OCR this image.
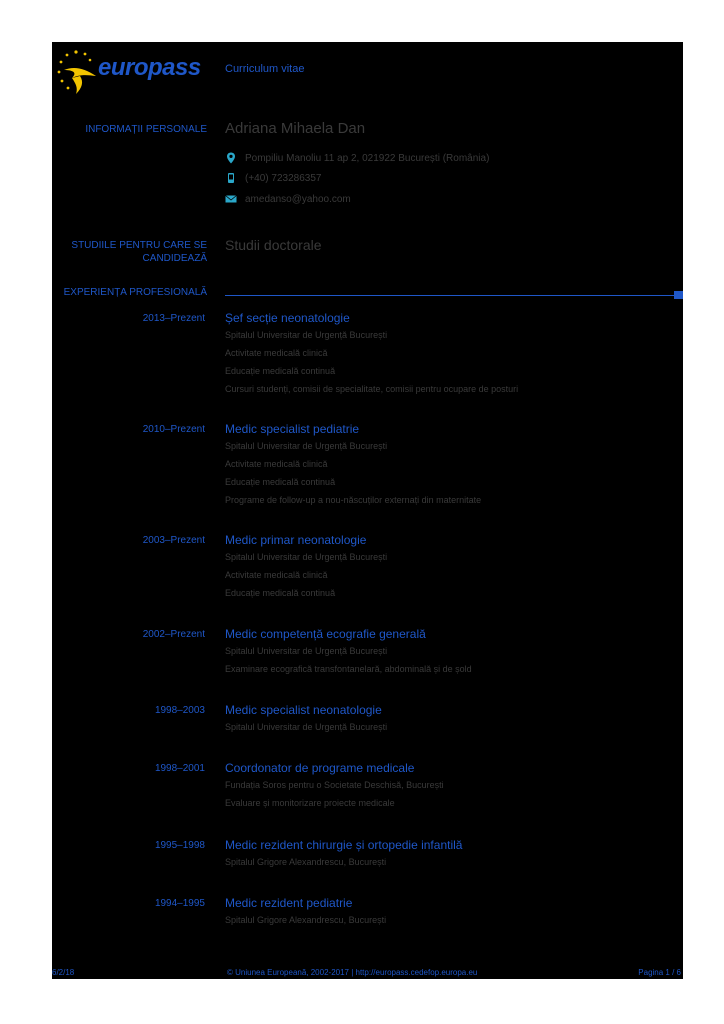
europass Curriculum vitae
INFORMAȚII PERSONALE Adriana Mihaela Dan
Pompiliu Manoliu 11 ap 2, 021922 București (România)
(+40) 723286357
amedanso@yahoo.com
STUDIILE PENTRU CARE SE
CANDIDEAZĂ
Studii doctorale
EXPERIENȚA PROFESIONALĂ
2013–Prezent Șef secție neonatologie
Spitalul Universitar de Urgență București
Activitate medicală clinică
Educație medicală continuă
Cursuri studenți, comisii de specialitate, comisii pentru ocupare de posturi
2010–Prezent Medic specialist pediatrie
Spitalul Universitar de Urgență București
Activitate medicală clinică
Educație medicală continuă
Programe de follow-up a nou-născuților externați din maternitate
2003–Prezent Medic primar neonatologie
Spitalul Universitar de Urgență București
Activitate medicală clinică
Educație medicală continuă
2002–Prezent Medic competență ecografie generală
Spitalul Universitar de Urgență București
Examinare ecografică transfontanelară, abdominală și de șold
1998–2003 Medic specialist neonatologie
Spitalul Universitar de Urgență București
1998–2001 Coordonator de programe medicale
Fundația Soros pentru o Societate Deschisă, București
Evaluare și monitorizare proiecte medicale
1995–1998 Medic rezident chirurgie și ortopedie infantilă
Spitalul Grigore Alexandrescu, București
1994–1995 Medic rezident pediatrie
Spitalul Grigore Alexandrescu, București
6/2/18	© Uniunea Europeană, 2002-2017 | http://europass.cedefop.europa.eu	Pagina 1 / 6
